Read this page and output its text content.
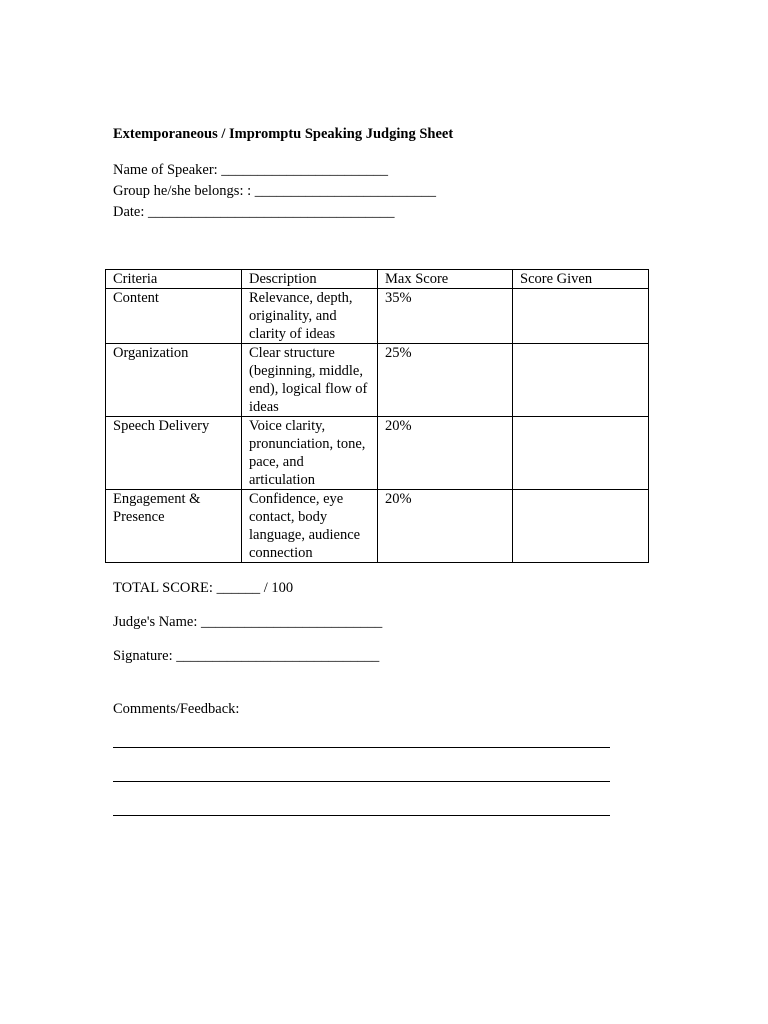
Extemporaneous / Impromptu Speaking Judging Sheet
Name of Speaker: _______________________
Group he/she belongs: : _________________________
Date: __________________________________
Criteria	Description	Max Score	Score Given
Content	Relevance, depth, originality, and clarity of ideas	35%	
Organization	Clear structure (beginning, middle, end), logical flow of ideas	25%	
Speech Delivery	Voice clarity, pronunciation, tone, pace, and articulation	20%	
Engagement & Presence	Confidence, eye contact, body language, audience connection	20%	
TOTAL SCORE: ______ / 100
Judge's Name: _________________________
Signature: ____________________________
Comments/Feedback:
